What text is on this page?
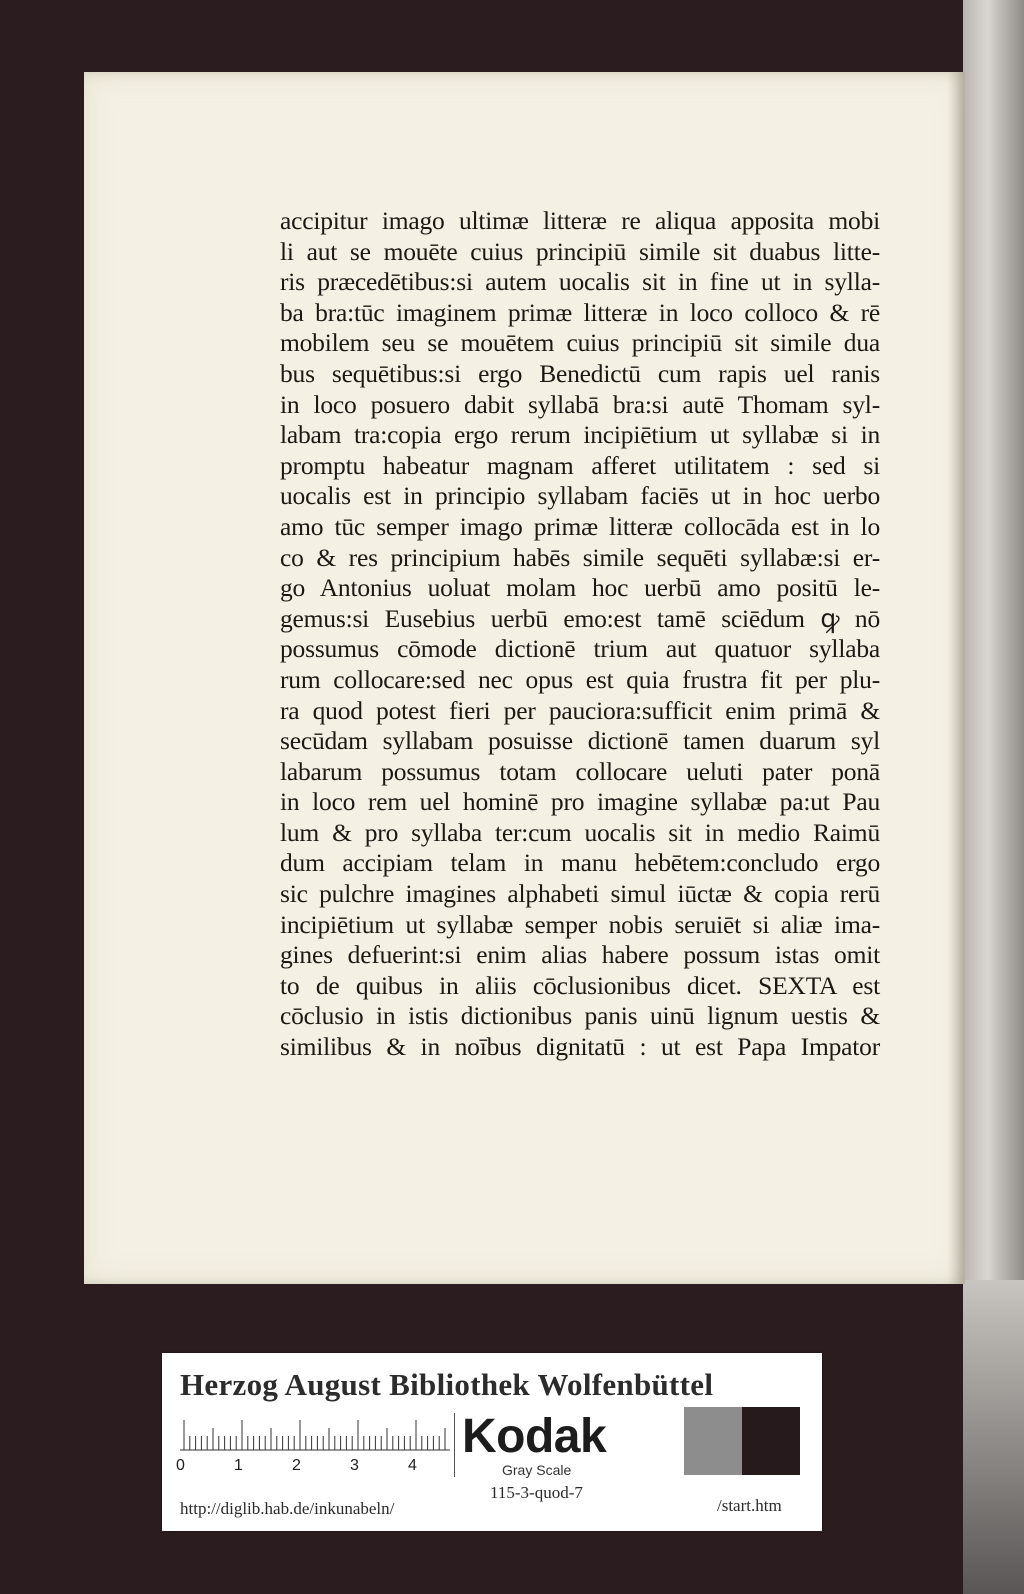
accipitur imago ultimæ litteræ re aliqua apposita mobi
li aut se mouēte cuius principiū simile sit duabus litte-
ris præcedētibus:si autem uocalis sit in fine ut in sylla-
ba bra:tūc imaginem primæ litteræ in loco colloco & rē
mobilem seu se mouētem cuius principiū sit simile dua
bus sequētibus:si ergo Benedictū cum rapis uel ranis
in loco posuero dabit syllabā bra:si autē Thomam syl-
labam tra:copia ergo rerum incipiētium ut syllabæ si in
promptu habeatur magnam afferet utilitatem : sed si
uocalis est in principio syllabam faciēs ut in hoc uerbo
amo tūc semper imago primæ litteræ collocāda est in lo
co & res principium habēs simile sequēti syllabæ:si er-
go Antonius uoluat molam hoc uerbū amo positū le-
gemus:si Eusebius uerbū emo:est tamē sciēdum ꝙ nō
possumus cōmode dictionē trium aut quatuor syllaba
rum collocare:sed nec opus est quia frustra fit per plu-
ra quod potest fieri per pauciora:sufficit enim primā &
secūdam syllabam posuisse dictionē tamen duarum syl
labarum possumus totam collocare ueluti pater ponā
in loco rem uel hominē pro imagine syllabæ pa:ut Pau
lum & pro syllaba ter:cum uocalis sit in medio Raimū
dum accipiam telam in manu hebētem:concludo ergo
sic pulchre imagines alphabeti simul iūctæ & copia rerū
incipiētium ut syllabæ semper nobis seruiēt si aliæ ima-
gines defuerint:si enim alias habere possum istas omit
to de quibus in aliis cōclusionibus dicet. SEXTA est
cōclusio in istis dictionibus panis uinū lignum uestis &
similibus & in noībus dignitatū : ut est Papa Impator
Herzog August Bibliothek Wolfenbüttel
0	1	2	3	4
Kodak
Gray Scale
http://diglib.hab.de/inkunabeln/
115-3-quod-7
/start.htm
